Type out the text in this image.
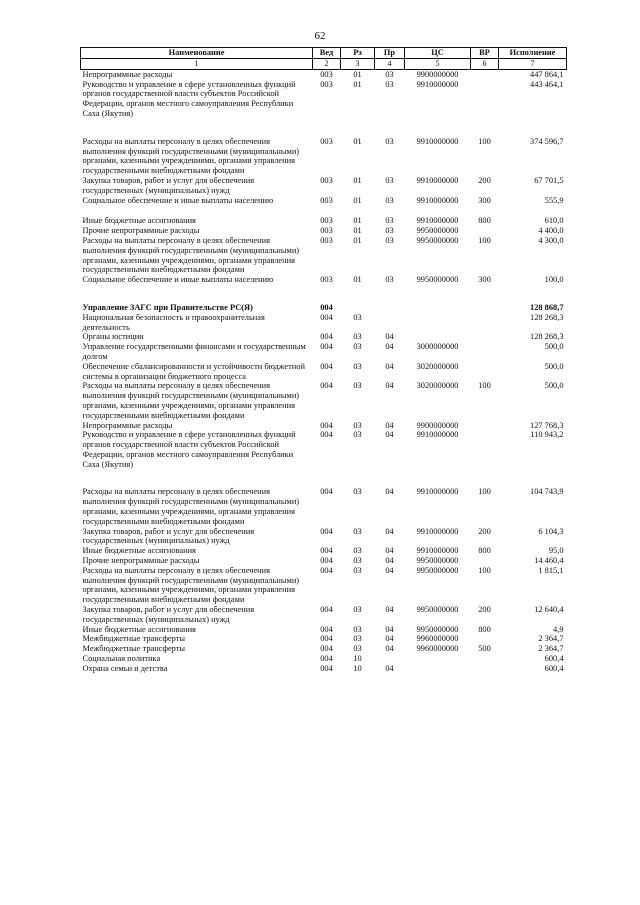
62
Наименование	Вед	Рз	Пр	ЦС	ВР	Исполнение
1	2	3	4	5	6	7
Непрограммные расходы	003	01	03	9900000000		447 864,1
Руководство и управление в сфере установленных функций органов государственной власти субъектов Российской Федерации, органов местного самоуправления Республики Саха (Якутия)	003	01	03	9910000000		443 464,1

Расходы на выплаты персоналу в целях обеспечения выполнения функций государственными (муниципальными) органами, казенными учреждениями, органами управления государственными внебюджетными фондами	003	01	03	9910000000	100	374 596,7
Закупка товаров, работ и услуг для обеспечения государственных (муниципальных) нужд	003	01	03	9910000000	200	67 701,5
Социальное обеспечение и иные выплаты населению	003	01	03	9910000000	300	555,9

Иные бюджетные ассигнования	003	01	03	9910000000	800	610,0
Прочие непрограммные расходы	003	01	03	9950000000		4 400,0
Расходы на выплаты персоналу в целях обеспечения выполнения функций государственными (муниципальными) органами, казенными учреждениями, органами управления государственными внебюджетными фондами	003	01	03	9950000000	100	4 300,0
Социальное обеспечение и иные выплаты населению	003	01	03	9950000000	300	100,0

Управление ЗАГС при Правительстве РС(Я)	004					128 868,7
Национальная безопасность и правоохранительная деятельность	004	03				128 268,3
Органы юстиции	004	03	04			128 268,3
Управление государственными финансами и государственным долгом	004	03	04	3000000000		500,0
Обеспечение сбалансированности и устойчивости бюджетной системы в организации бюджетного процесса	004	03	04	3020000000		500,0
Расходы на выплаты персоналу в целях обеспечения выполнения функций государственными (муниципальными) органами, казенными учреждениями, органами управления государственными внебюджетными фондами	004	03	04	3020000000	100	500,0
Непрограммные расходы	004	03	04	9900000000		127 768,3
Руководство и управление в сфере установленных функций органов государственной власти субъектов Российской Федерации, органов местного самоуправления Республики Саха (Якутия)	004	03	04	9910000000		110 943,2

Расходы на выплаты персоналу в целях обеспечения выполнения функций государственными (муниципальными) органами, казенными учреждениями, органами управления государственными внебюджетными фондами	004	03	04	9910000000	100	104 743,9
Закупка товаров, работ и услуг для обеспечения государственных (муниципальных) нужд	004	03	04	9910000000	200	6 104,3
Иные бюджетные ассигнования	004	03	04	9910000000	800	95,0
Прочие непрограммные расходы	004	03	04	9950000000		14 460,4
Расходы на выплаты персоналу в целях обеспечения выполнения функций государственными (муниципальными) органами, казенными учреждениями, органами управления государственными внебюджетными фондами	004	03	04	9950000000	100	1 815,1
Закупка товаров, работ и услуг для обеспечения государственных (муниципальных) нужд	004	03	04	9950000000	200	12 640,4
Иные бюджетные ассигнования	004	03	04	9950000000	800	4,9
Межбюджетные трансферты	004	03	04	9960000000		2 364,7
Межбюджетные трансферты	004	03	04	9960000000	500	2 364,7
Социальная политика	004	10				600,4
Охрана семьи и детства	004	10	04			600,4
